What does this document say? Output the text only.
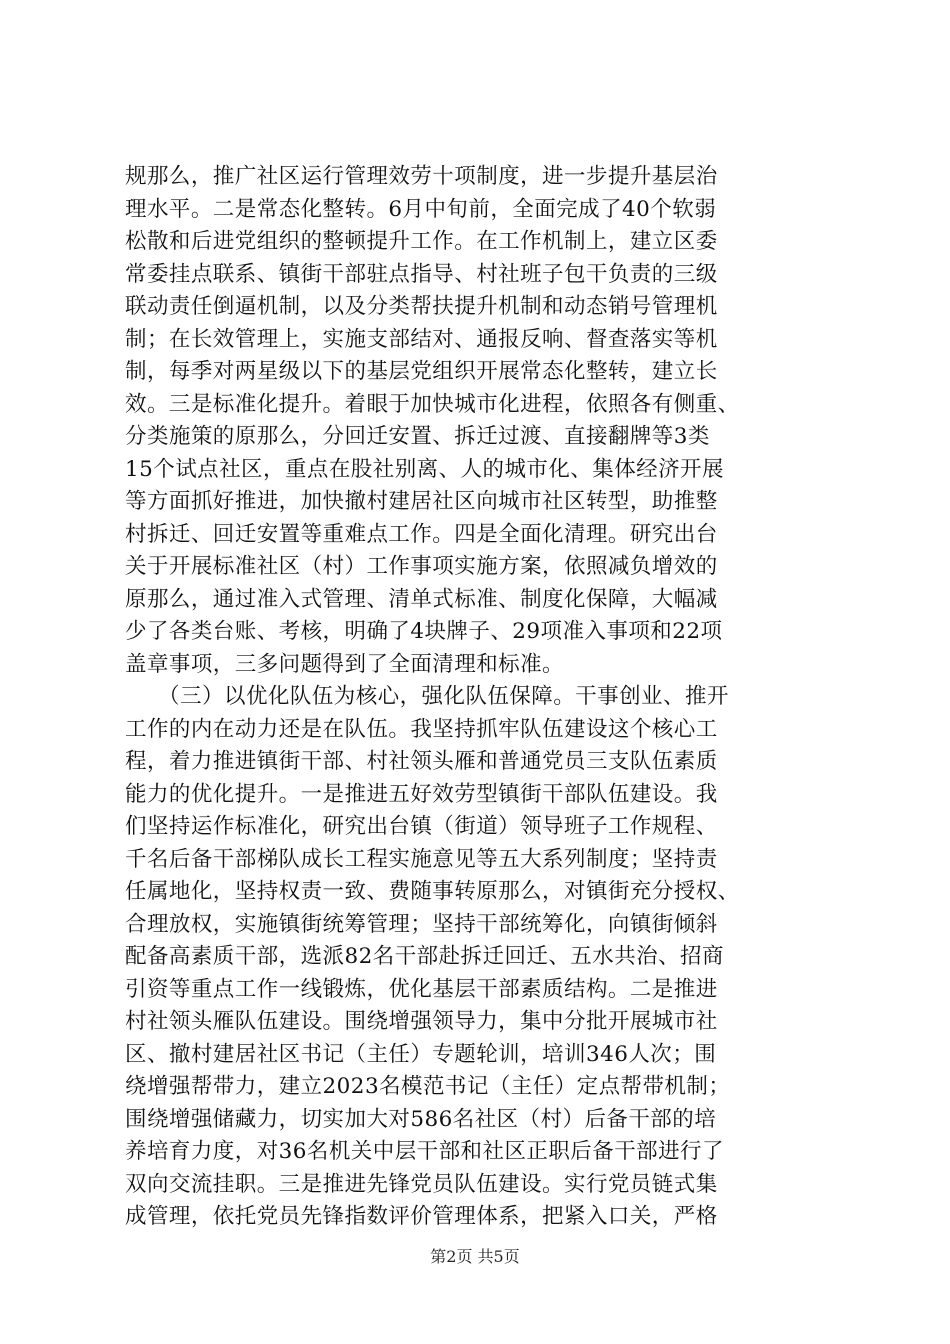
规那么，推广社区运行管理效劳十项制度，进一步提升基层治
理水平。二是常态化整转。6月中旬前，全面完成了40个软弱
松散和后进党组织的整顿提升工作。在工作机制上，建立区委
常委挂点联系、镇街干部驻点指导、村社班子包干负责的三级
联动责任倒逼机制，以及分类帮扶提升机制和动态销号管理机
制；在长效管理上，实施支部结对、通报反响、督查落实等机
制，每季对两星级以下的基层党组织开展常态化整转，建立长
效。三是标准化提升。着眼于加快城市化进程，依照各有侧重、
分类施策的原那么，分回迁安置、拆迁过渡、直接翻牌等3类
15个试点社区，重点在股社别离、人的城市化、集体经济开展
等方面抓好推进，加快撤村建居社区向城市社区转型，助推整
村拆迁、回迁安置等重难点工作。四是全面化清理。研究出台
关于开展标准社区（村）工作事项实施方案，依照减负增效的
原那么，通过准入式管理、清单式标准、制度化保障，大幅减
少了各类台账、考核，明确了4块牌子、29项准入事项和22项
盖章事项，三多问题得到了全面清理和标准。
　　（三）以优化队伍为核心，强化队伍保障。干事创业、推开
工作的内在动力还是在队伍。我坚持抓牢队伍建设这个核心工
程，着力推进镇街干部、村社领头雁和普通党员三支队伍素质
能力的优化提升。一是推进五好效劳型镇街干部队伍建设。我
们坚持运作标准化，研究出台镇（街道）领导班子工作规程、
千名后备干部梯队成长工程实施意见等五大系列制度；坚持责
任属地化，坚持权责一致、费随事转原那么，对镇街充分授权、
合理放权，实施镇街统筹管理；坚持干部统筹化，向镇街倾斜
配备高素质干部，选派82名干部赴拆迁回迁、五水共治、招商
引资等重点工作一线锻炼，优化基层干部素质结构。二是推进
村社领头雁队伍建设。围绕增强领导力，集中分批开展城市社
区、撤村建居社区书记（主任）专题轮训，培训346人次；围
绕增强帮带力，建立2023名模范书记（主任）定点帮带机制；
围绕增强储藏力，切实加大对586名社区（村）后备干部的培
养培育力度，对36名机关中层干部和社区正职后备干部进行了
双向交流挂职。三是推进先锋党员队伍建设。实行党员链式集
成管理，依托党员先锋指数评价管理体系，把紧入口关，严格
第2页 共5页
